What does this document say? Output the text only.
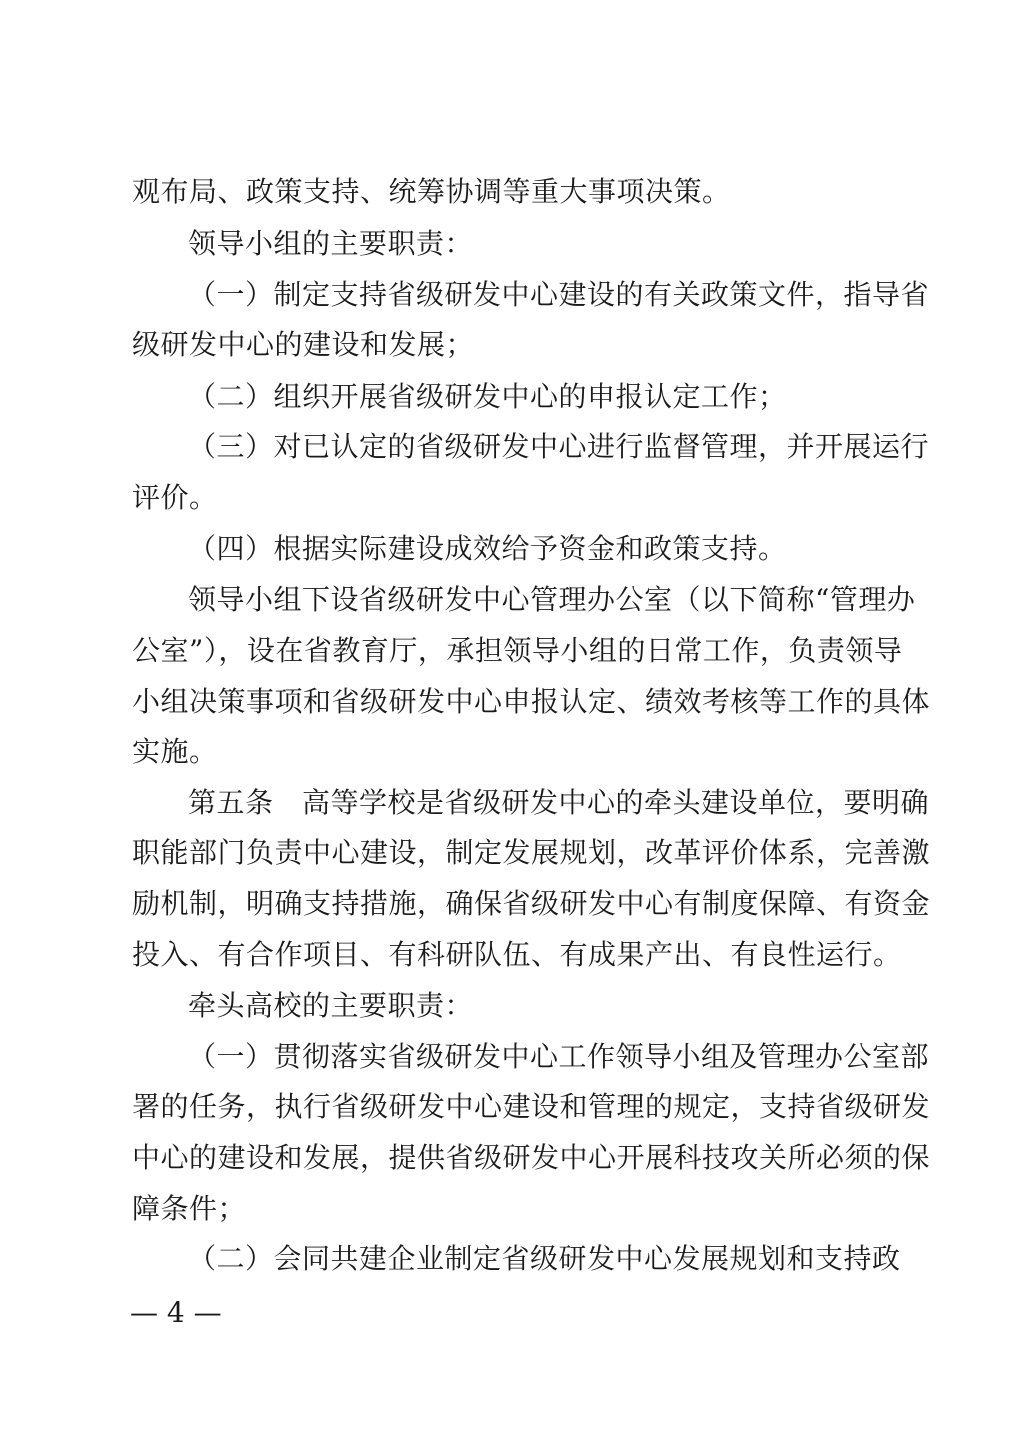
观布局、政策支持、统筹协调等重大事项决策。
领导小组的主要职责：
（一）制定支持省级研发中心建设的有关政策文件，指导省
级研发中心的建设和发展；
（二）组织开展省级研发中心的申报认定工作；
（三）对已认定的省级研发中心进行监督管理，并开展运行
评价。
（四）根据实际建设成效给予资金和政策支持。
领导小组下设省级研发中心管理办公室（以下简称“管理办
公室”），设在省教育厅，承担领导小组的日常工作，负责领导
小组决策事项和省级研发中心申报认定、绩效考核等工作的具体
实施。
第五条　高等学校是省级研发中心的牵头建设单位，要明确
职能部门负责中心建设，制定发展规划，改革评价体系，完善激
励机制，明确支持措施，确保省级研发中心有制度保障、有资金
投入、有合作项目、有科研队伍、有成果产出、有良性运行。
牵头高校的主要职责：
（一）贯彻落实省级研发中心工作领导小组及管理办公室部
署的任务，执行省级研发中心建设和管理的规定，支持省级研发
中心的建设和发展，提供省级研发中心开展科技攻关所必须的保
障条件；
（二）会同共建企业制定省级研发中心发展规划和支持政
— 4 —
